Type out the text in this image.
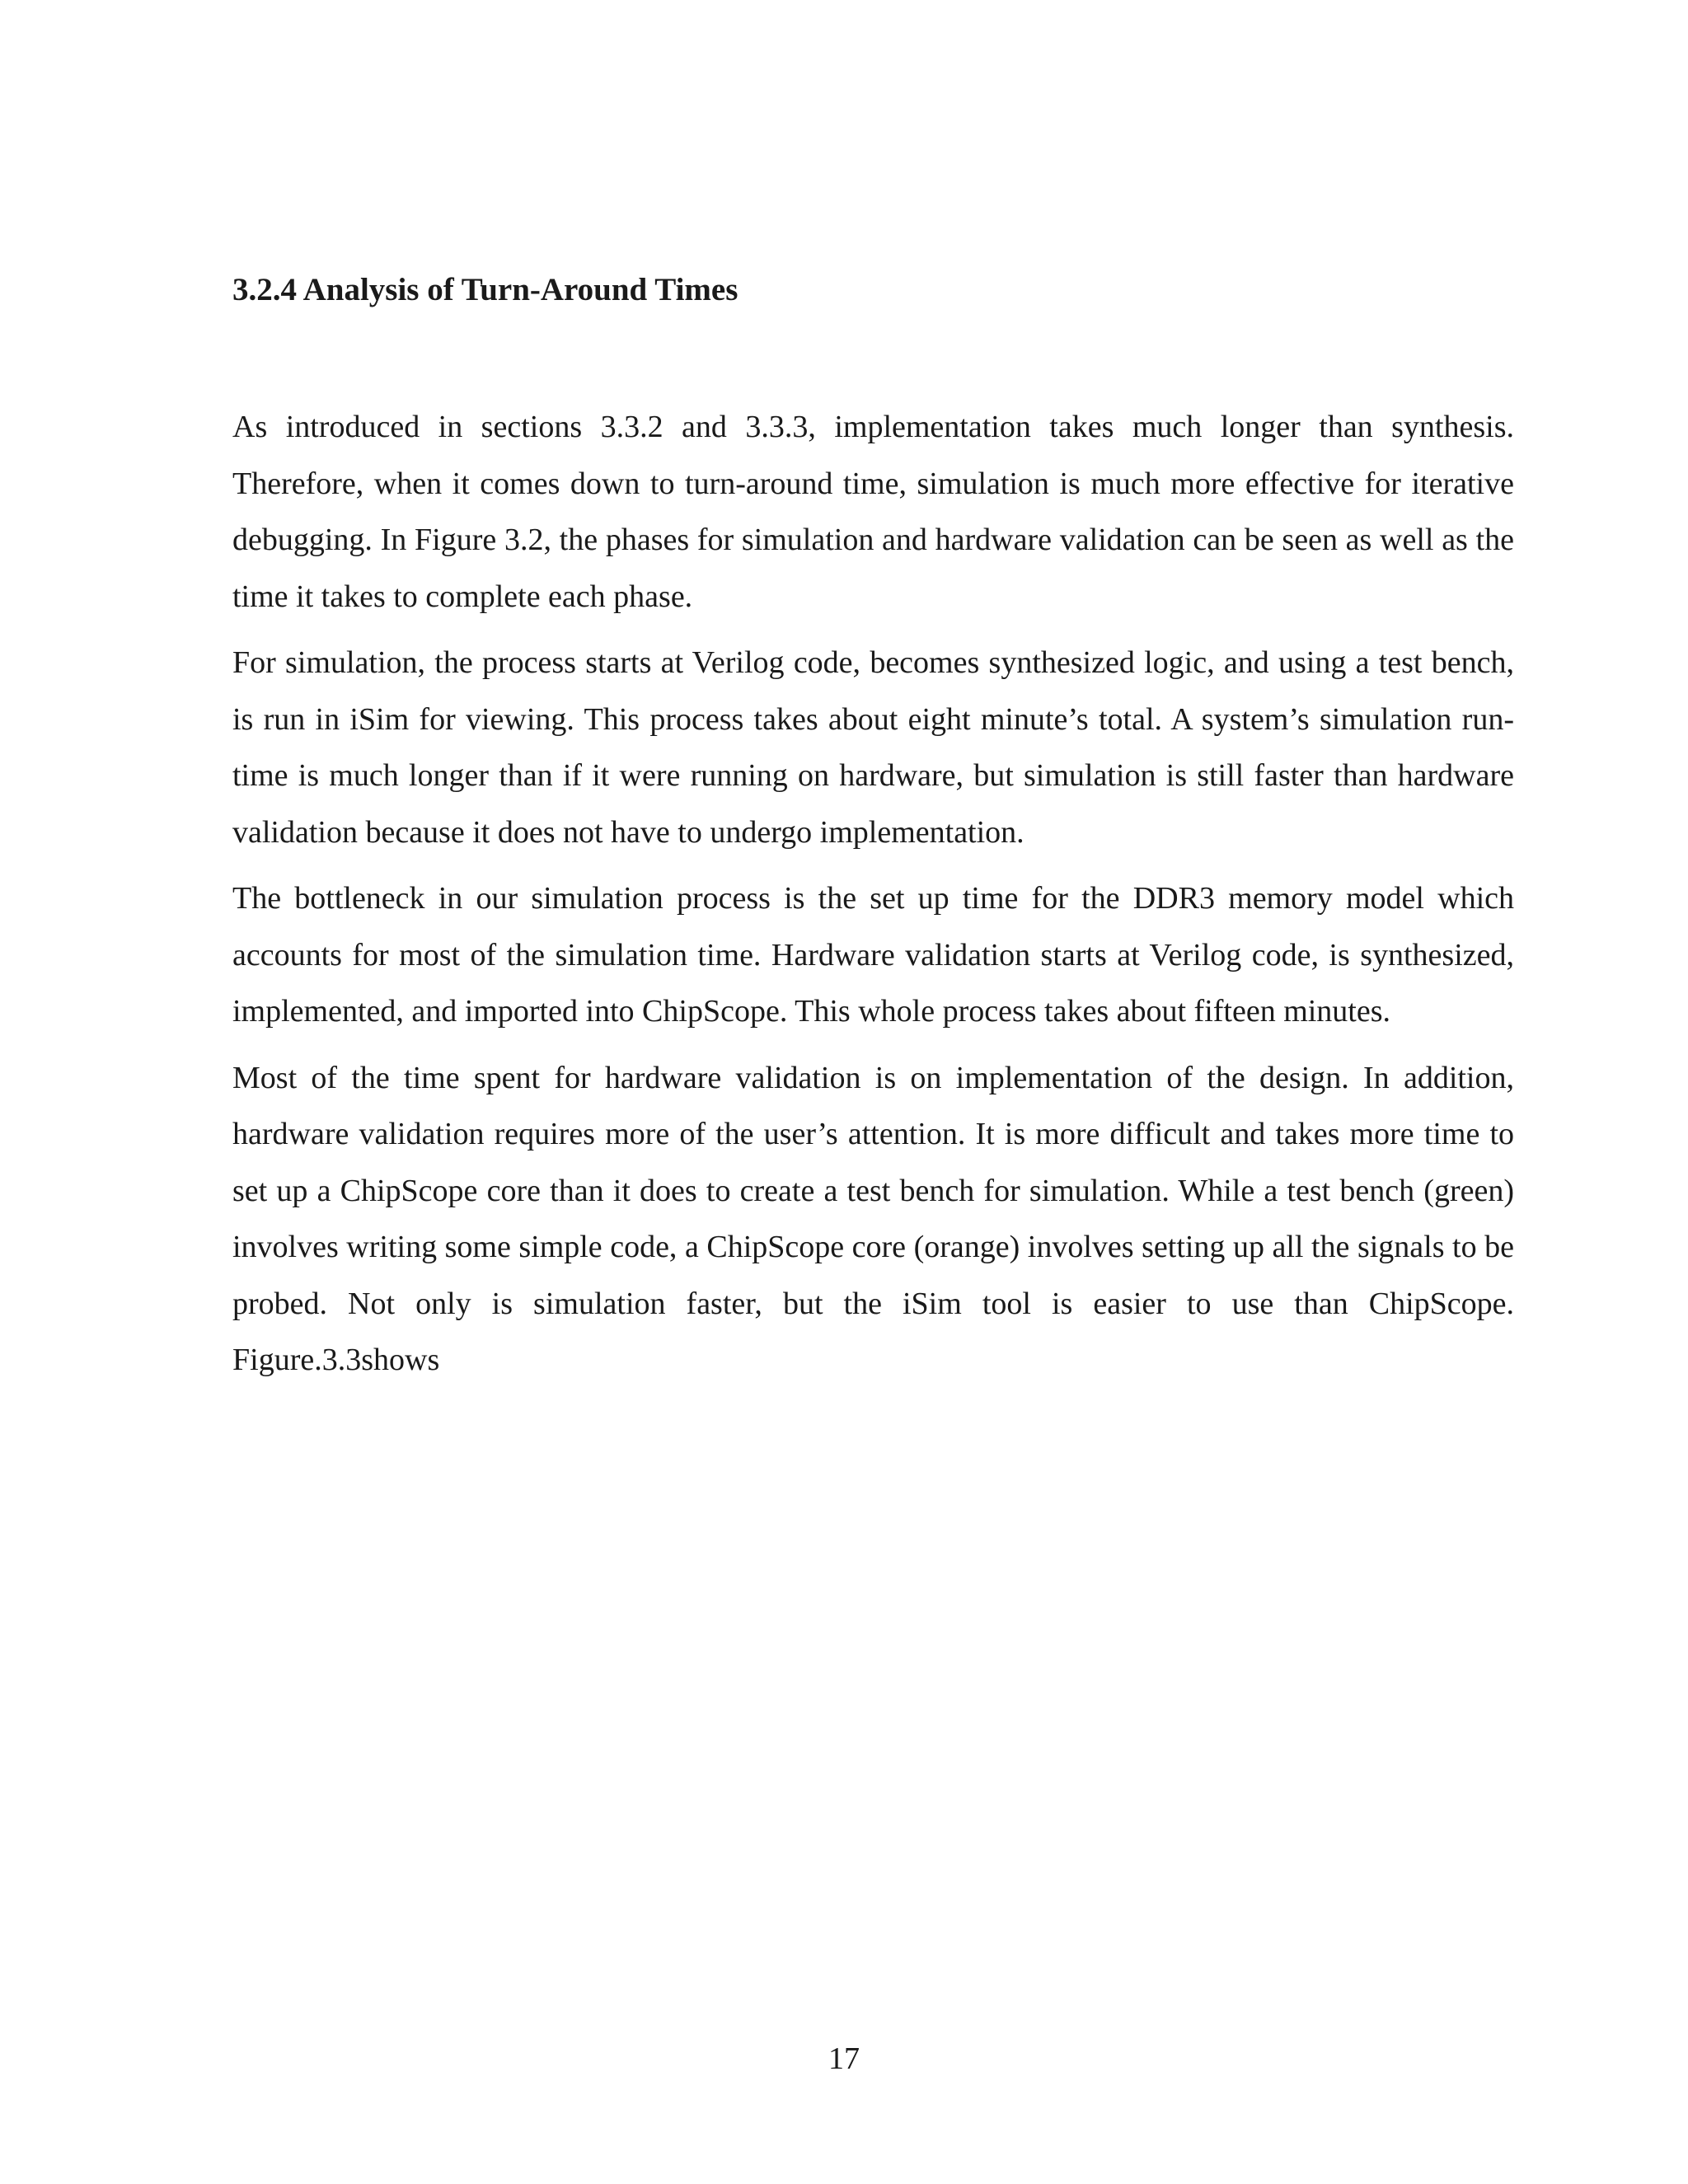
3.2.4 Analysis of Turn-Around Times

As introduced in sections 3.3.2 and 3.3.3, implementation takes much longer than synthesis. Therefore, when it comes down to turn-around time, simulation is much more effective for iterative debugging. In Figure 3.2, the phases for simulation and hardware validation can be seen as well as the time it takes to complete each phase.

For simulation, the process starts at Verilog code, becomes synthesized logic, and using a test bench, is run in iSim for viewing. This process takes about eight minute’s total. A system’s simulation run-time is much longer than if it were running on hardware, but simulation is still faster than hardware validation because it does not have to undergo implementation.

The bottleneck in our simulation process is the set up time for the DDR3 memory model which accounts for most of the simulation time. Hardware validation starts at Verilog code, is synthesized, implemented, and imported into ChipScope. This whole process takes about fifteen minutes.

Most of the time spent for hardware validation is on implementation of the design. In addition, hardware validation requires more of the user’s attention. It is more difficult and takes more time to set up a ChipScope core than it does to create a test bench for simulation. While a test bench (green) involves writing some simple code, a ChipScope core (orange) involves setting up all the signals to be probed. Not only is simulation faster, but the iSim tool is easier to use than ChipScope. Figure.3.3shows

17
